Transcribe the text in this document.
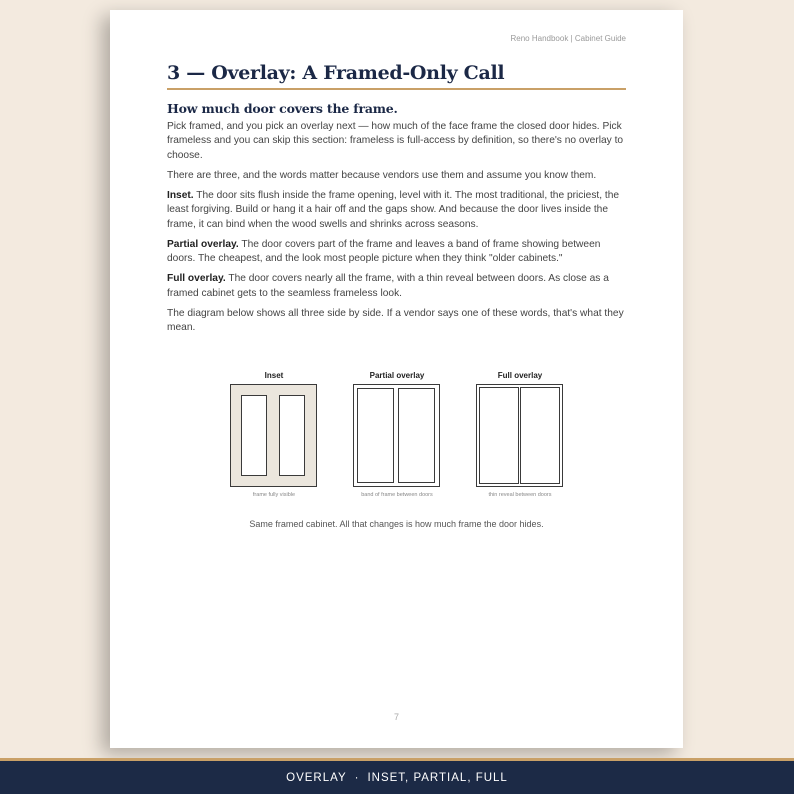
Reno Handbook | Cabinet Guide
3 — Overlay: A Framed-Only Call
How much door covers the frame.

Pick framed, and you pick an overlay next — how much of the face frame the closed door hides. Pick frameless and you can skip this section: frameless is full-access by definition, so there's no overlay to choose.

There are three, and the words matter because vendors use them and assume you know them.

Inset. The door sits flush inside the frame opening, level with it. The most traditional, the priciest, the least forgiving. Build or hang it a hair off and the gaps show. And because the door lives inside the frame, it can bind when the wood swells and shrinks across seasons.

Partial overlay. The door covers part of the frame and leaves a band of frame showing between doors. The cheapest, and the look most people picture when they think "older cabinets."

Full overlay. The door covers nearly all the frame, with a thin reveal between doors. As close as a framed cabinet gets to the seamless frameless look.

The diagram below shows all three side by side. If a vendor says one of these words, that's what they mean.

Inset
frame fully visible
Partial overlay
band of frame between doors
Full overlay
thin reveal between doors
Same framed cabinet. All that changes is how much frame the door hides.
7
OVERLAY · INSET, PARTIAL, FULL
